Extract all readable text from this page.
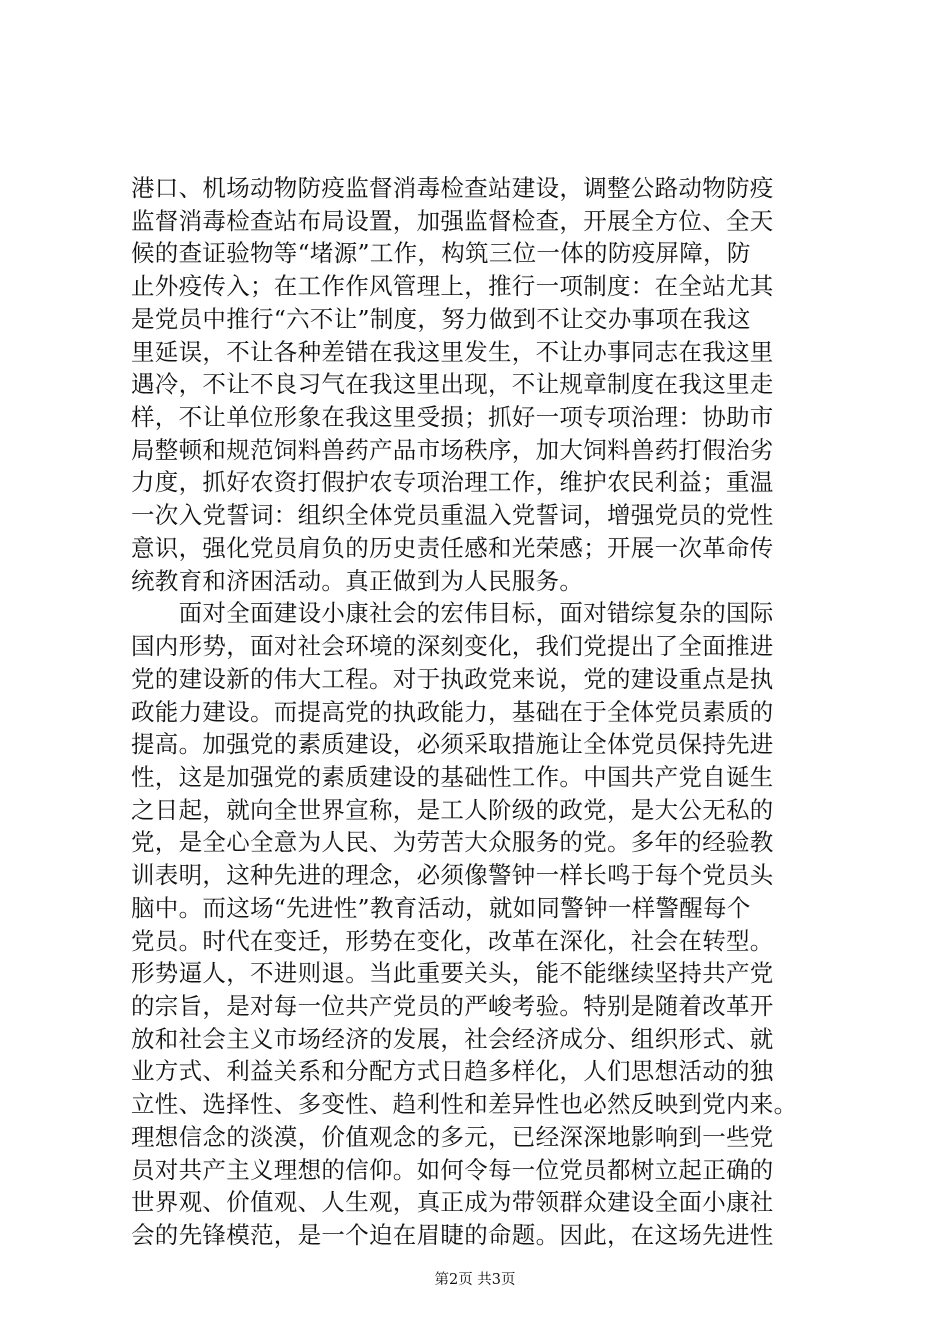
港口、机场动物防疫监督消毒检查站建设，调整公路动物防疫
监督消毒检查站布局设置，加强监督检查，开展全方位、全天
候的查证验物等“堵源”工作，构筑三位一体的防疫屏障，防
止外疫传入；在工作作风管理上，推行一项制度：在全站尤其
是党员中推行“六不让”制度，努力做到不让交办事项在我这
里延误，不让各种差错在我这里发生，不让办事同志在我这里
遇冷，不让不良习气在我这里出现，不让规章制度在我这里走
样，不让单位形象在我这里受损；抓好一项专项治理：协助市
局整顿和规范饲料兽药产品市场秩序，加大饲料兽药打假治劣
力度，抓好农资打假护农专项治理工作，维护农民利益；重温
一次入党誓词：组织全体党员重温入党誓词，增强党员的党性
意识，强化党员肩负的历史责任感和光荣感；开展一次革命传
统教育和济困活动。真正做到为人民服务。
　　面对全面建设小康社会的宏伟目标，面对错综复杂的国际
国内形势，面对社会环境的深刻变化，我们党提出了全面推进
党的建设新的伟大工程。对于执政党来说，党的建设重点是执
政能力建设。而提高党的执政能力，基础在于全体党员素质的
提高。加强党的素质建设，必须采取措施让全体党员保持先进
性，这是加强党的素质建设的基础性工作。中国共产党自诞生
之日起，就向全世界宣称，是工人阶级的政党，是大公无私的
党，是全心全意为人民、为劳苦大众服务的党。多年的经验教
训表明，这种先进的理念，必须像警钟一样长鸣于每个党员头
脑中。而这场“先进性”教育活动，就如同警钟一样警醒每个
党员。时代在变迁，形势在变化，改革在深化，社会在转型。
形势逼人，不进则退。当此重要关头，能不能继续坚持共产党
的宗旨，是对每一位共产党员的严峻考验。特别是随着改革开
放和社会主义市场经济的发展，社会经济成分、组织形式、就
业方式、利益关系和分配方式日趋多样化，人们思想活动的独
立性、选择性、多变性、趋利性和差异性也必然反映到党内来。
理想信念的淡漠，价值观念的多元，已经深深地影响到一些党
员对共产主义理想的信仰。如何令每一位党员都树立起正确的
世界观、价值观、人生观，真正成为带领群众建设全面小康社
会的先锋模范，是一个迫在眉睫的命题。因此，在这场先进性
第2页 共3页
